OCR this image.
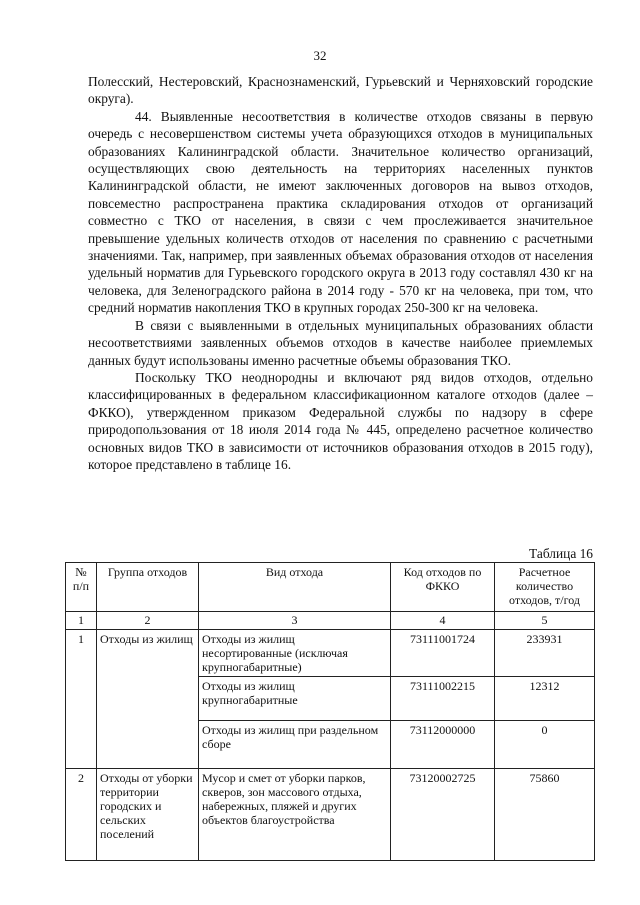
32

Полесский, Нестеровский, Краснознаменский, Гурьевский и Черняховский городские округа).

44. Выявленные несоответствия в количестве отходов связаны в первую очередь с несовершенством системы учета образующихся отходов в муниципальных образованиях Калининградской области. Значительное количество организаций, осуществляющих свою деятельность на территориях населенных пунктов Калининградской области, не имеют заключенных договоров на вывоз отходов, повсеместно распространена практика складирования отходов от организаций совместно с ТКО от населения, в связи с чем прослеживается значительное превышение удельных количеств отходов от населения по сравнению с расчетными значениями. Так, например, при заявленных объемах образования отходов от населения удельный норматив для Гурьевского городского округа в 2013 году составлял 430 кг на человека, для Зеленоградского района в 2014 году - 570 кг на человека, при том, что средний норматив накопления ТКО в крупных городах 250-300 кг на человека.

В связи с выявленными в отдельных муниципальных образованиях области несоответствиями заявленных объемов отходов в качестве наиболее приемлемых данных будут использованы именно расчетные объемы образования ТКО.

Поскольку ТКО неоднородны и включают ряд видов отходов, отдельно классифицированных в федеральном классификационном каталоге отходов (далее – ФККО), утвержденном приказом Федеральной службы по надзору в сфере природопользования от 18 июля 2014 года № 445, определено расчетное количество основных видов ТКО в зависимости от источников образования отходов в 2015 году), которое представлено в таблице 16.

Таблица 16
№ п/п	Группа отходов	Вид отхода	Код отходов по ФККО	Расчетное количество отходов, т/год
1	2	3	4	5
1	Отходы из жилищ	Отходы из жилищ несортированные (исключая крупногабаритные)	73111001724	233931
		Отходы из жилищ крупногабаритные	73111002215	12312
		Отходы из жилищ при раздельном сборе	73112000000	0
2	Отходы от уборки территории городских и сельских поселений	Мусор и смет от уборки парков, скверов, зон массового отдыха, набережных, пляжей и других объектов благоустройства	73120002725	75860
